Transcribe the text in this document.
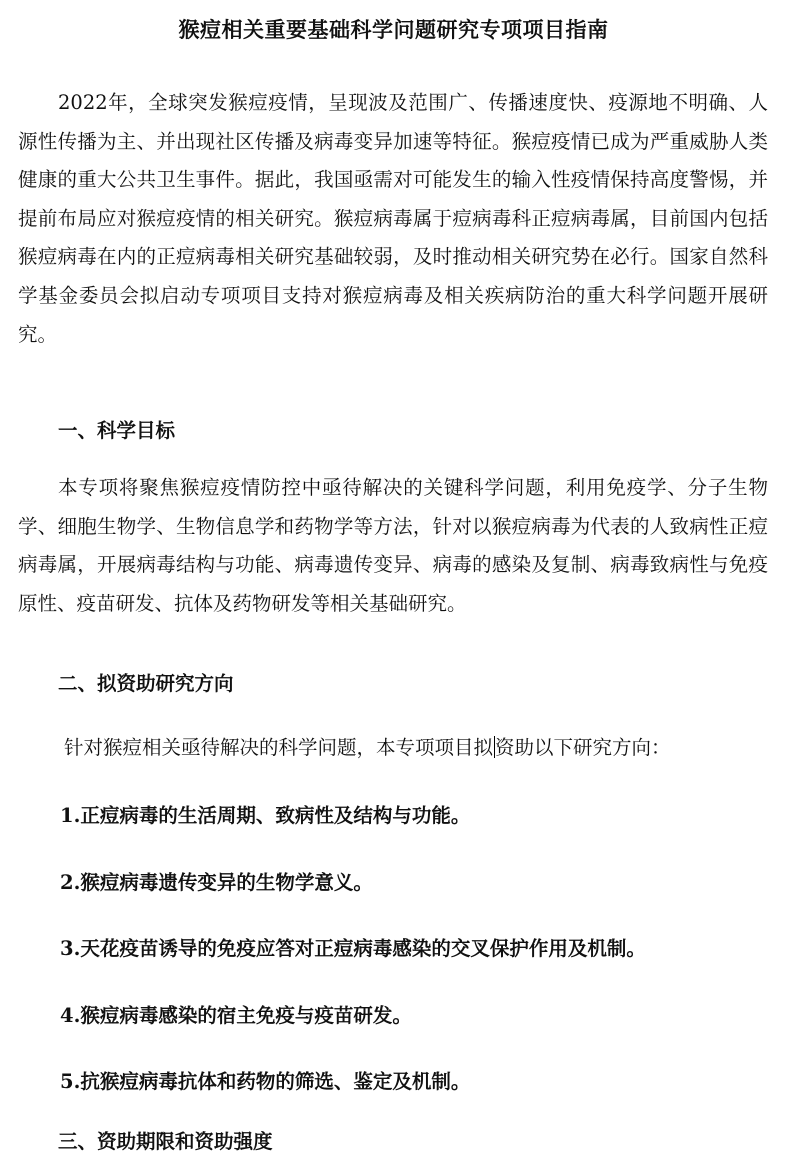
猴痘相关重要基础科学问题研究专项项目指南

2022年，全球突发猴痘疫情，呈现波及范围广、传播速度快、疫源地不明确、人源性传播为主、并出现社区传播及病毒变异加速等特征。猴痘疫情已成为严重威胁人类健康的重大公共卫生事件。据此，我国亟需对可能发生的输入性疫情保持高度警惕，并提前布局应对猴痘疫情的相关研究。猴痘病毒属于痘病毒科正痘病毒属，目前国内包括猴痘病毒在内的正痘病毒相关研究基础较弱，及时推动相关研究势在必行。国家自然科学基金委员会拟启动专项项目支持对猴痘病毒及相关疾病防治的重大科学问题开展研究。

一、科学目标

本专项将聚焦猴痘疫情防控中亟待解决的关键科学问题，利用免疫学、分子生物学、细胞生物学、生物信息学和药物学等方法，针对以猴痘病毒为代表的人致病性正痘病毒属，开展病毒结构与功能、病毒遗传变异、病毒的感染及复制、病毒致病性与免疫原性、疫苗研发、抗体及药物研发等相关基础研究。

二、拟资助研究方向

针对猴痘相关亟待解决的科学问题，本专项项目拟 资助以下研究方向：

1.正痘病毒的生活周期、致病性及结构与功能。

2.猴痘病毒遗传变异的生物学意义。

3.天花疫苗诱导的免疫应答对正痘病毒感染的交叉保护作用及机制。

4.猴痘病毒感染的宿主免疫与疫苗研发。

5.抗猴痘病毒抗体和药物的筛选、鉴定及机制。

三、资助期限和资助强度
